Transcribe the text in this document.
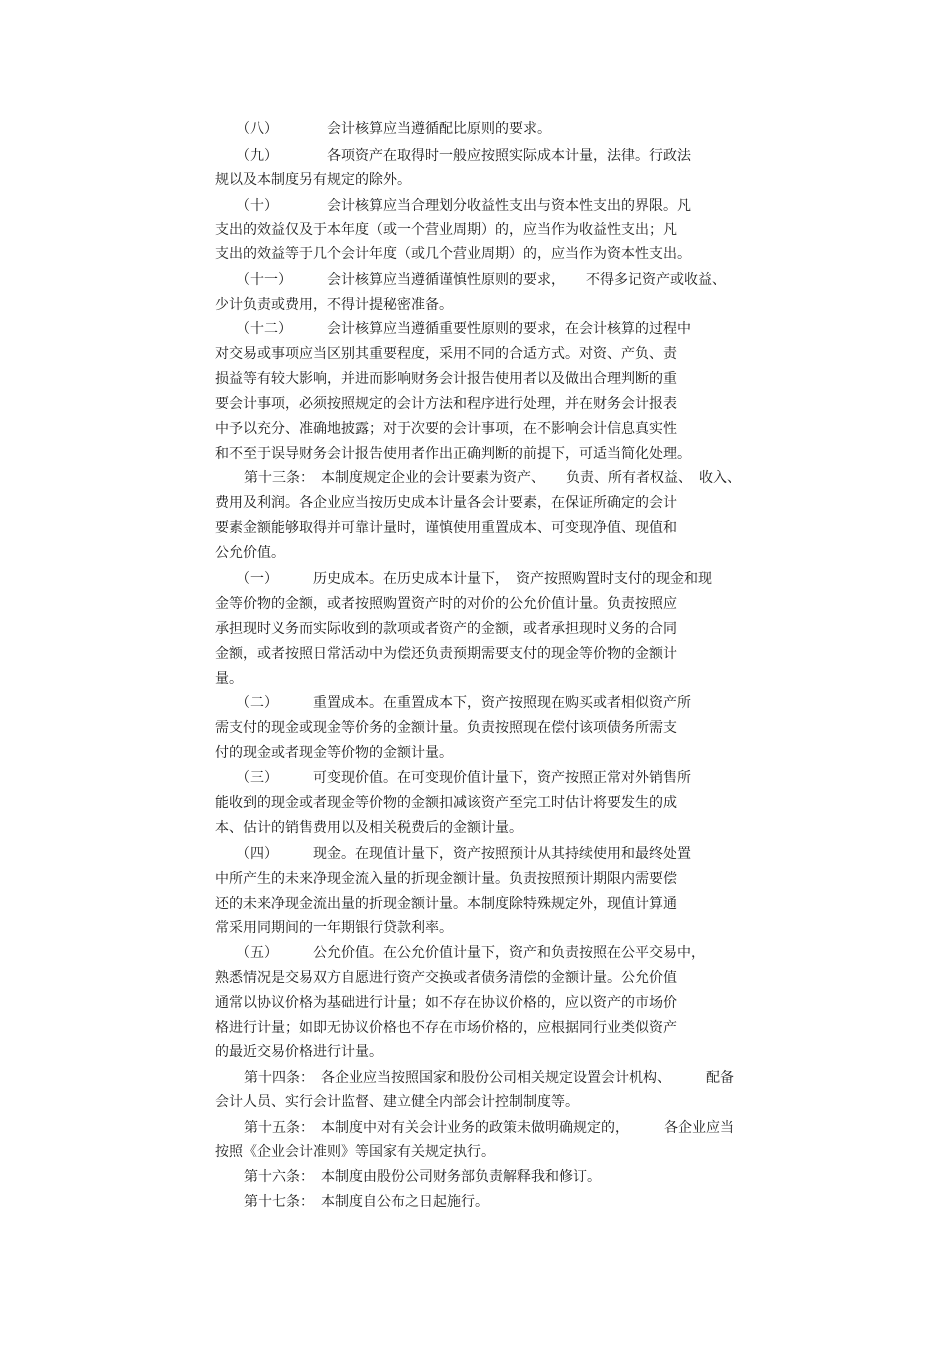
（八）　　　　会计核算应当遵循配比原则的要求。
（九）　　　　各项资产在取得时一般应按照实际成本计量，法律。行政法
规以及本制度另有规定的除外。
（十）　　　　会计核算应当合理划分收益性支出与资本性支出的界限。凡
支出的效益仅及于本年度（或一个营业周期）的，应当作为收益性支出；凡
支出的效益等于几个会计年度（或几个营业周期）的，应当作为资本性支出。
（十一）　　　会计核算应当遵循谨慎性原则的要求，　　不得多记资产或收益、
少计负责或费用，不得计提秘密准备。
（十二）　　　会计核算应当遵循重要性原则的要求，在会计核算的过程中
对交易或事项应当区别其重要程度，采用不同的合适方式。对资、产负、责
损益等有较大影响，并进而影响财务会计报告使用者以及做出合理判断的重
要会计事项，必须按照规定的会计方法和程序进行处理，并在财务会计报表
中予以充分、准确地披露；对于次要的会计事项，在不影响会计信息真实性
和不至于误导财务会计报告使用者作出正确判断的前提下，可适当简化处理。
第十三条：　本制度规定企业的会计要素为资产、　　负责、所有者权益、　收入、
费用及利润。各企业应当按历史成本计量各会计要素，在保证所确定的会计
要素金额能够取得并可靠计量时，谨慎使用重置成本、可变现净值、现值和
公允价值。
（一）　　　历史成本。在历史成本计量下，　资产按照购置时支付的现金和现
金等价物的金额，或者按照购置资产时的对价的公允价值计量。负责按照应
承担现时义务而实际收到的款项或者资产的金额，或者承担现时义务的合同
金额，或者按照日常活动中为偿还负责预期需要支付的现金等价物的金额计
量。
（二）　　　重置成本。在重置成本下，资产按照现在购买或者相似资产所
需支付的现金或现金等价务的金额计量。负责按照现在偿付该项债务所需支
付的现金或者现金等价物的金额计量。
（三）　　　可变现价值。在可变现价值计量下，资产按照正常对外销售所
能收到的现金或者现金等价物的金额扣减该资产至完工时估计将要发生的成
本、估计的销售费用以及相关税费后的金额计量。
（四）　　　现金。在现值计量下，资产按照预计从其持续使用和最终处置
中所产生的未来净现金流入量的折现金额计量。负责按照预计期限内需要偿
还的未来净现金流出量的折现金额计量。本制度除特殊规定外，现值计算通
常采用同期间的一年期银行贷款利率。
（五）　　　公允价值。在公允价值计量下，资产和负责按照在公平交易中，
熟悉情况是交易双方自愿进行资产交换或者债务清偿的金额计量。公允价值
通常以协议价格为基础进行计量；如不存在协议价格的，应以资产的市场价
格进行计量；如即无协议价格也不存在市场价格的，应根据同行业类似资产
的最近交易价格进行计量。
第十四条：　各企业应当按照国家和股份公司相关规定设置会计机构、　　　配备
会计人员、实行会计监督、建立健全内部会计控制制度等。
第十五条：　本制度中对有关会计业务的政策未做明确规定的，　　　各企业应当
按照《企业会计准则》等国家有关规定执行。
第十六条：　本制度由股份公司财务部负责解释我和修订。
第十七条：　本制度自公布之日起施行。
